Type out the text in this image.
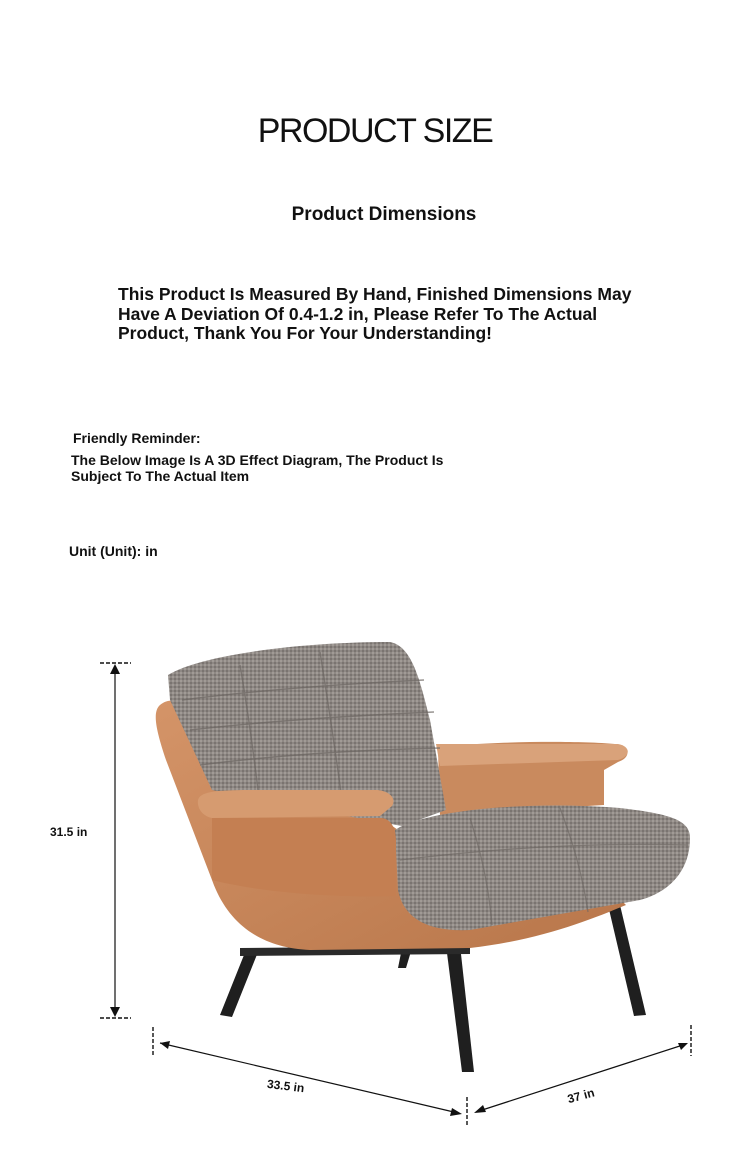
PRODUCT SIZE
Product Dimensions
This Product Is Measured By Hand, Finished Dimensions May Have A Deviation Of 0.4-1.2 in, Please Refer To The Actual Product, Thank You For Your Understanding!
Friendly Reminder:
The Below Image Is A 3D Effect Diagram, The Product Is Subject To The Actual Item
Unit (Unit): in
31.5 in
33.5 in	37 in
